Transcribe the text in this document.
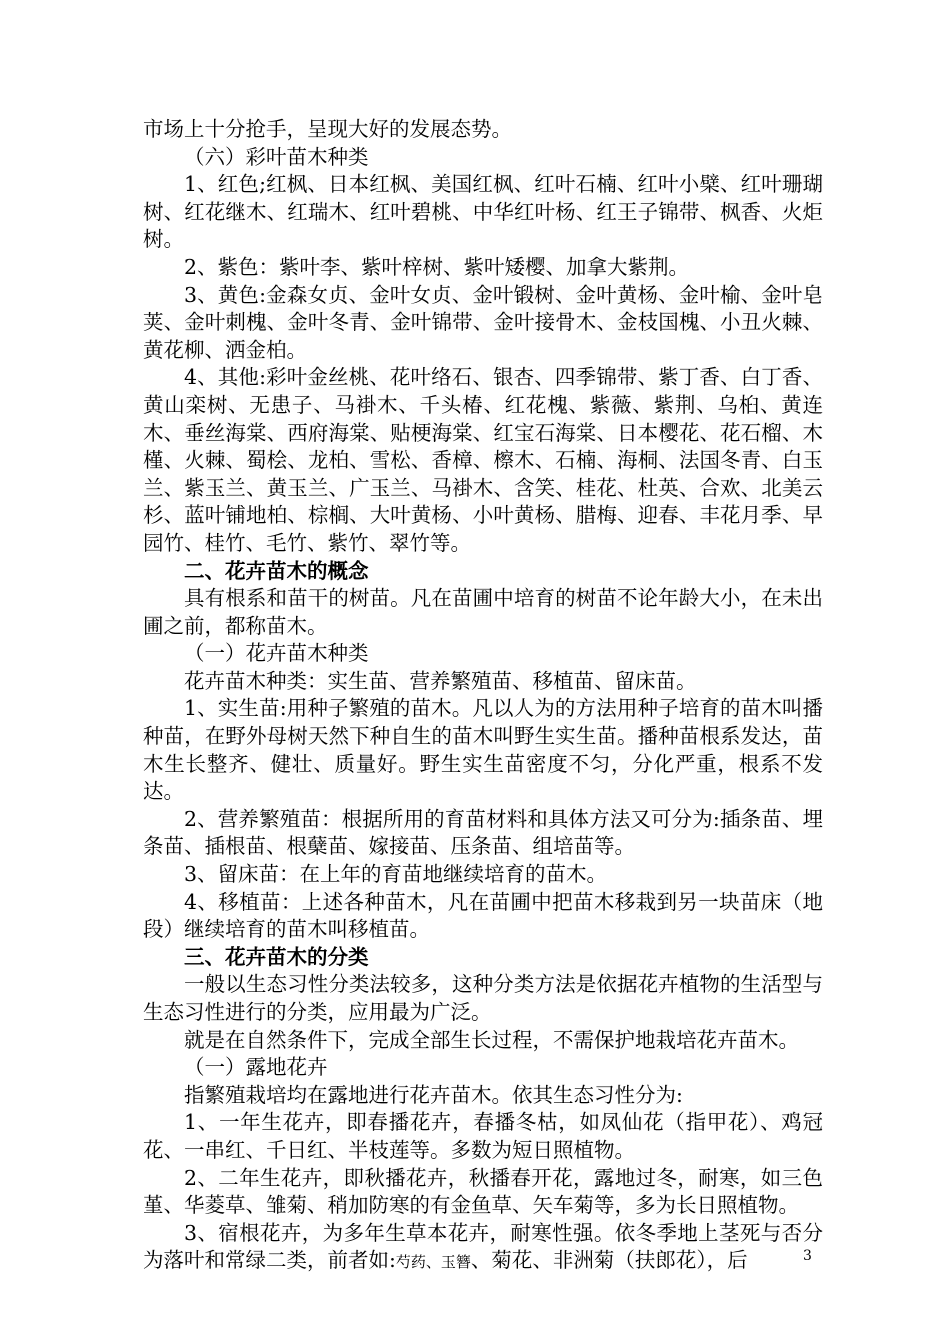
市场上十分抢手，呈现大好的发展态势。

（六）彩叶苗木种类

1、红色;红枫、日本红枫、美国红枫、红叶石楠、红叶小檗、红叶珊瑚树、红花继木、红瑞木、红叶碧桃、中华红叶杨、红王子锦带、枫香、火炬树。

2、紫色：紫叶李、紫叶梓树、紫叶矮樱、加拿大紫荆。

3、黄色:金森女贞、金叶女贞、金叶锻树、金叶黄杨、金叶榆、金叶皂荚、金叶刺槐、金叶冬青、金叶锦带、金叶接骨木、金枝国槐、小丑火棘、黄花柳、洒金柏。

4、其他:彩叶金丝桃、花叶络石、银杏、四季锦带、紫丁香、白丁香、黄山栾树、无患子、马褂木、千头椿、红花槐、紫薇、紫荆、乌桕、黄连木、垂丝海棠、西府海棠、贴梗海棠、红宝石海棠、日本樱花、花石榴、木槿、火棘、蜀桧、龙柏、雪松、香樟、檫木、石楠、海桐、法国冬青、白玉兰、紫玉兰、黄玉兰、广玉兰、马褂木、含笑、桂花、杜英、合欢、北美云杉、蓝叶铺地柏、棕榈、大叶黄杨、小叶黄杨、腊梅、迎春、丰花月季、早园竹、桂竹、毛竹、紫竹、翠竹等。

二、花卉苗木的概念

具有根系和苗干的树苗。凡在苗圃中培育的树苗不论年龄大小，在未出圃之前，都称苗木。

（一）花卉苗木种类

花卉苗木种类：实生苗、营养繁殖苗、移植苗、留床苗。

1、实生苗:用种子繁殖的苗木。凡以人为的方法用种子培育的苗木叫播种苗，在野外母树天然下种自生的苗木叫野生实生苗。播种苗根系发达，苗木生长整齐、健壮、质量好。野生实生苗密度不匀，分化严重，根系不发达。

2、营养繁殖苗：根据所用的育苗材料和具体方法又可分为:插条苗、埋条苗、插根苗、根蘖苗、嫁接苗、压条苗、组培苗等。

3、留床苗：在上年的育苗地继续培育的苗木。

4、移植苗：上述各种苗木，凡在苗圃中把苗木移栽到另一块苗床（地段）继续培育的苗木叫移植苗。

三、花卉苗木的分类

一般以生态习性分类法较多，这种分类方法是依据花卉植物的生活型与生态习性进行的分类，应用最为广泛。

就是在自然条件下，完成全部生长过程，不需保护地栽培花卉苗木。

（一）露地花卉

指繁殖栽培均在露地进行花卉苗木。依其生态习性分为:

1、一年生花卉，即春播花卉，春播冬枯，如凤仙花（指甲花）、鸡冠花、一串红、千日红、半枝莲等。多数为短日照植物。

2、二年生花卉，即秋播花卉，秋播春开花，露地过冬，耐寒，如三色堇、华菱草、雏菊、稍加防寒的有金鱼草、矢车菊等，多为长日照植物。

3、宿根花卉，为多年生草本花卉，耐寒性强。依冬季地上茎死与否分为落叶和常绿二类，前者如:芍药、玉簪、菊花、非洲菊（扶郎花），后	3
